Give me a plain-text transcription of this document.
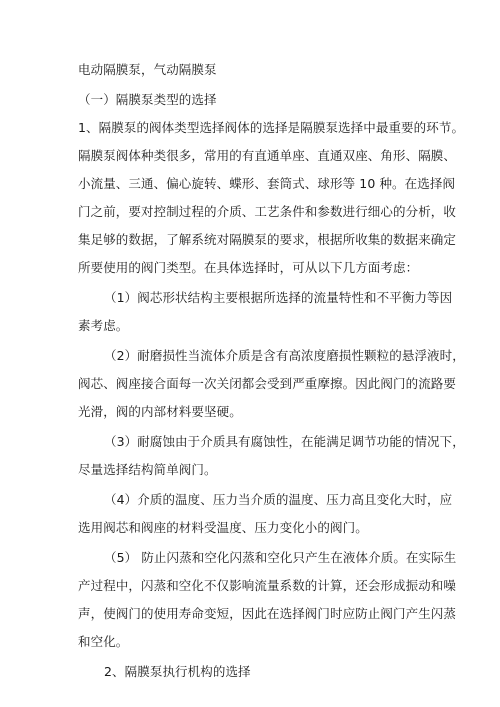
电动隔膜泵，气动隔膜泵
（一）隔膜泵类型的选择
1、隔膜泵的阀体类型选择阀体的选择是隔膜泵选择中最重要的环节。
隔膜泵阀体种类很多，常用的有直通单座、直通双座、角形、隔膜、
小流量、三通、偏心旋转、蝶形、套筒式、球形等 10 种。在选择阀
门之前，要对控制过程的介质、工艺条件和参数进行细心的分析，收
集足够的数据，了解系统对隔膜泵的要求，根据所收集的数据来确定
所要使用的阀门类型。在具体选择时，可从以下几方面考虑：
（1）阀芯形状结构主要根据所选择的流量特性和不平衡力等因
素考虑。
（2）耐磨损性当流体介质是含有高浓度磨损性颗粒的悬浮液时，
阀芯、阀座接合面每一次关闭都会受到严重摩擦。因此阀门的流路要
光滑，阀的内部材料要坚硬。
（3）耐腐蚀由于介质具有腐蚀性，在能满足调节功能的情况下，
尽量选择结构简单阀门。
（4）介质的温度、压力当介质的温度、压力高且变化大时，应
选用阀芯和阀座的材料受温度、压力变化小的阀门。
（5） 防止闪蒸和空化闪蒸和空化只产生在液体介质。在实际生
产过程中，闪蒸和空化不仅影响流量系数的计算，还会形成振动和噪
声，使阀门的使用寿命变短，因此在选择阀门时应防止阀门产生闪蒸
和空化。
2、隔膜泵执行机构的选择
